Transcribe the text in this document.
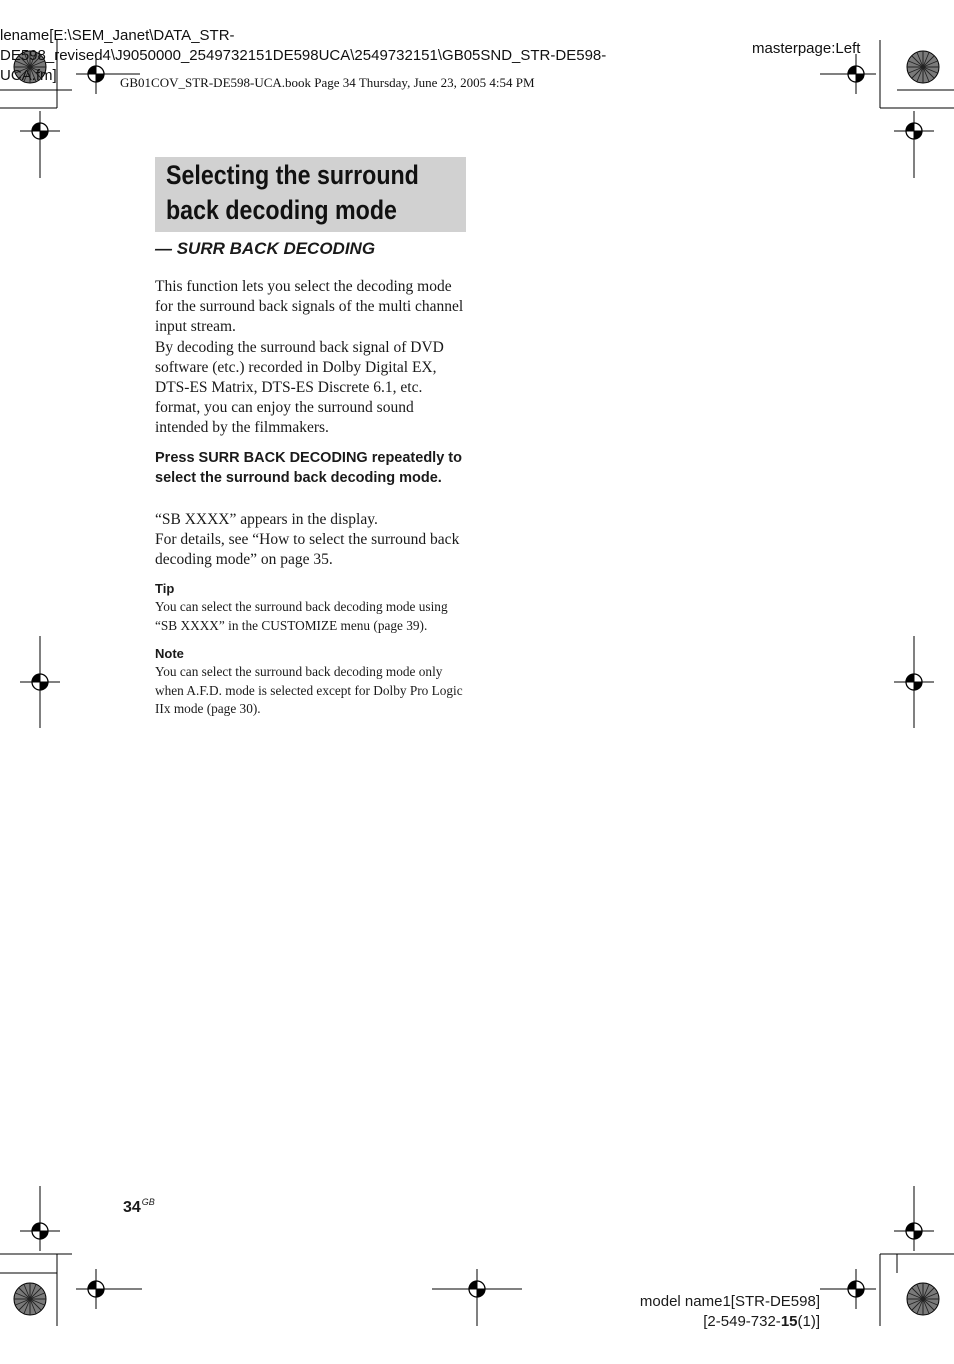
lename[E:\SEM_Janet\DATA_STR-DE598_revised4\J9050000_2549732151DE598UCA\2549732151\GB05SND_STR-DE598-UCA.fm]
masterpage:Left
GB01COV_STR-DE598-UCA.book Page 34 Thursday, June 23, 2005 4:54 PM
Selecting the surround
back decoding mode
— SURR BACK DECODING

This function lets you select the decoding mode for the surround back signals of the multi channel input stream.

By decoding the surround back signal of DVD software (etc.) recorded in Dolby Digital EX, DTS-ES Matrix, DTS-ES Discrete 6.1, etc. format, you can enjoy the surround sound intended by the filmmakers.

Press SURR BACK DECODING repeatedly to select the surround back decoding mode.

“SB XXXX” appears in the display.

For details, see “How to select the surround back decoding mode” on page 35.

Tip

You can select the surround back decoding mode using “SB XXXX” in the CUSTOMIZE menu (page 39).

Note

You can select the surround back decoding mode only when A.F.D. mode is selected except for Dolby Pro Logic IIx mode (page 30).

$34^{GB}$
model name1[STR-DE598]
[2-549-732-15(1)]
